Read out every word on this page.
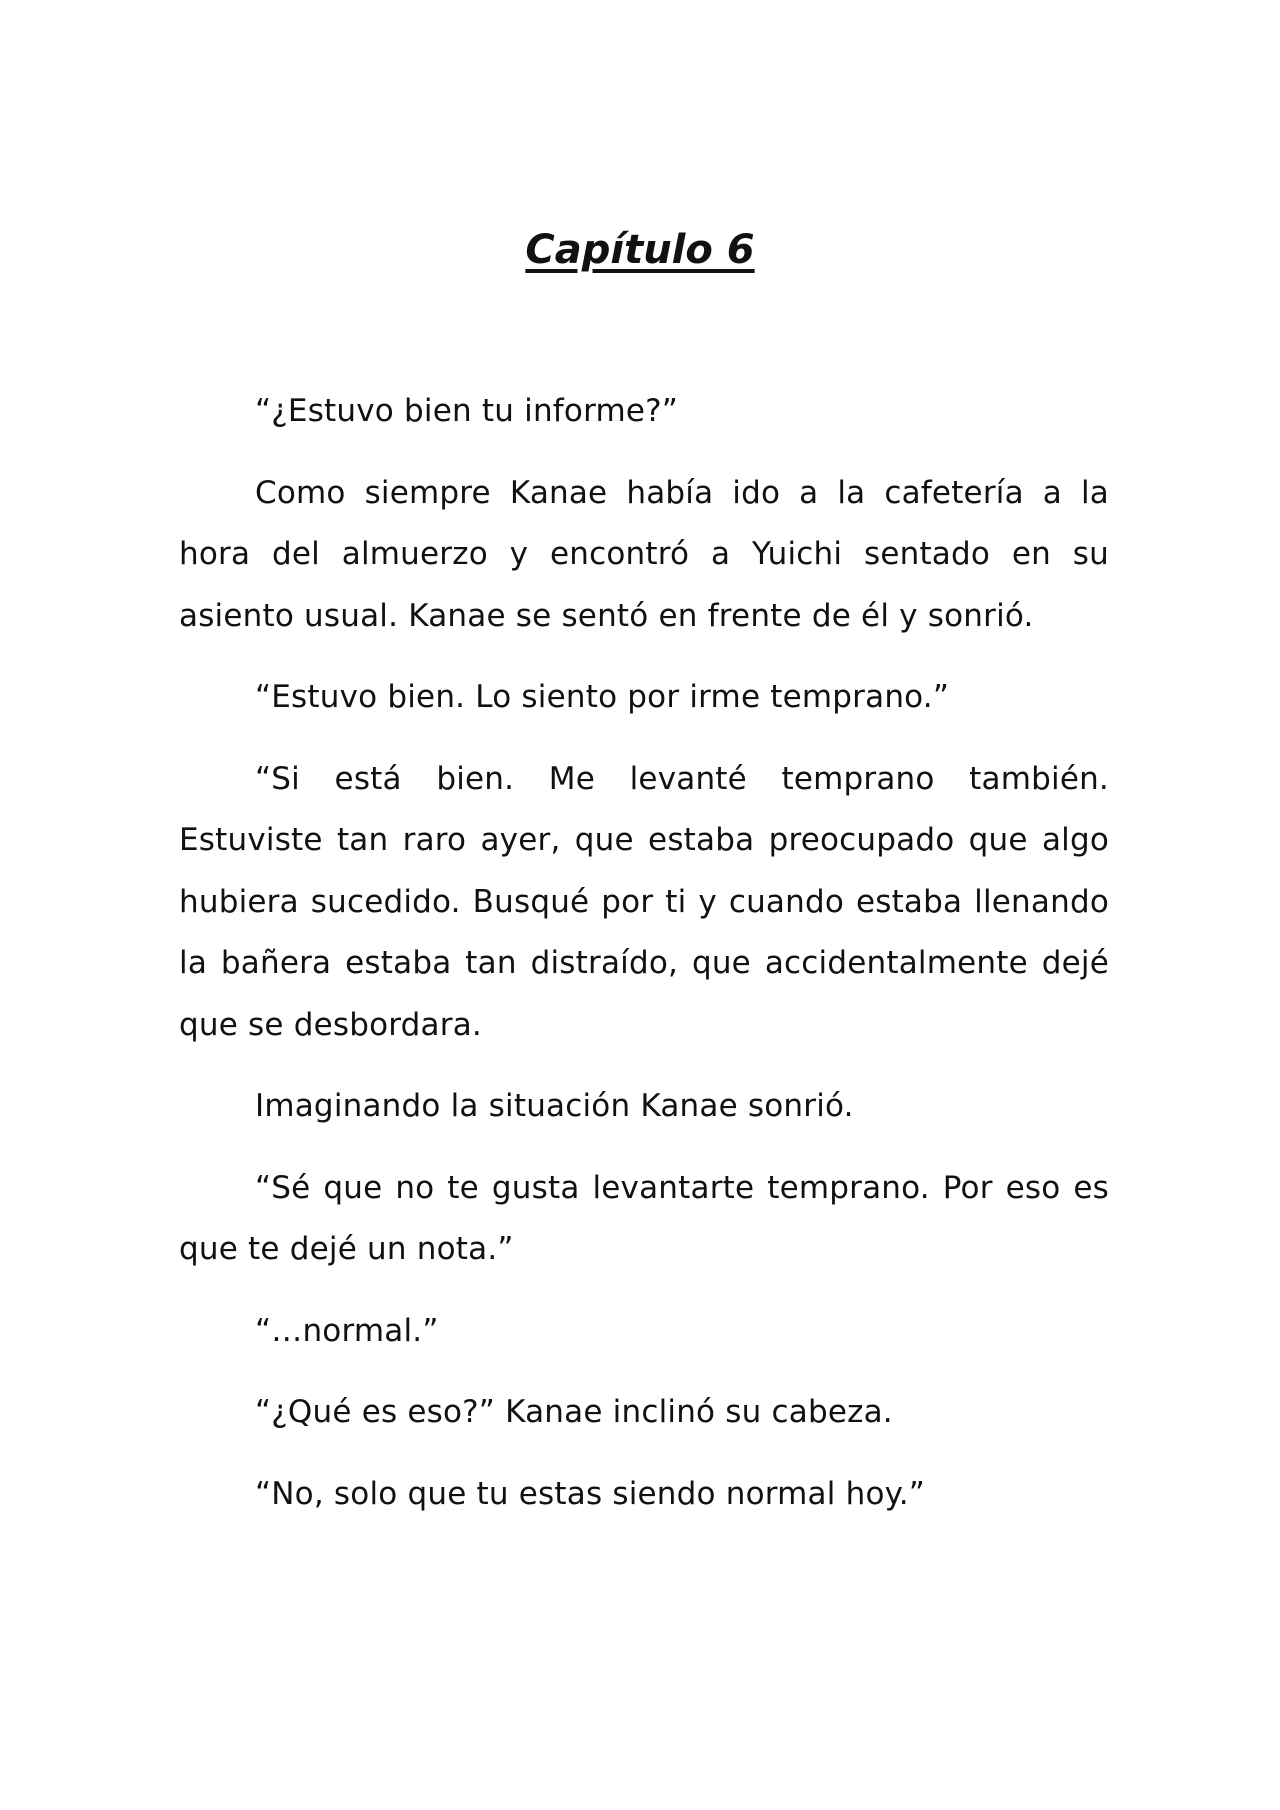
Capítulo 6

“¿Estuvo bien tu informe?”

Como siempre Kanae había ido a la cafetería a la hora del almuerzo y encontró a Yuichi sentado en su asiento usual. Kanae se sentó en frente de él y sonrió.

“Estuvo bien. Lo siento por irme temprano.”

“Si está bien. Me levanté temprano también. Estuviste tan raro ayer, que estaba preocupado que algo hubiera sucedido. Busqué por ti y cuando estaba llenando la bañera estaba tan distraído, que accidentalmente dejé que se desbordara.

Imaginando la situación Kanae sonrió.

“Sé que no te gusta levantarte temprano. Por eso es que te dejé un nota.”

“…normal.”

“¿Qué es eso?” Kanae inclinó su cabeza.

“No, solo que tu estas siendo normal hoy.”
